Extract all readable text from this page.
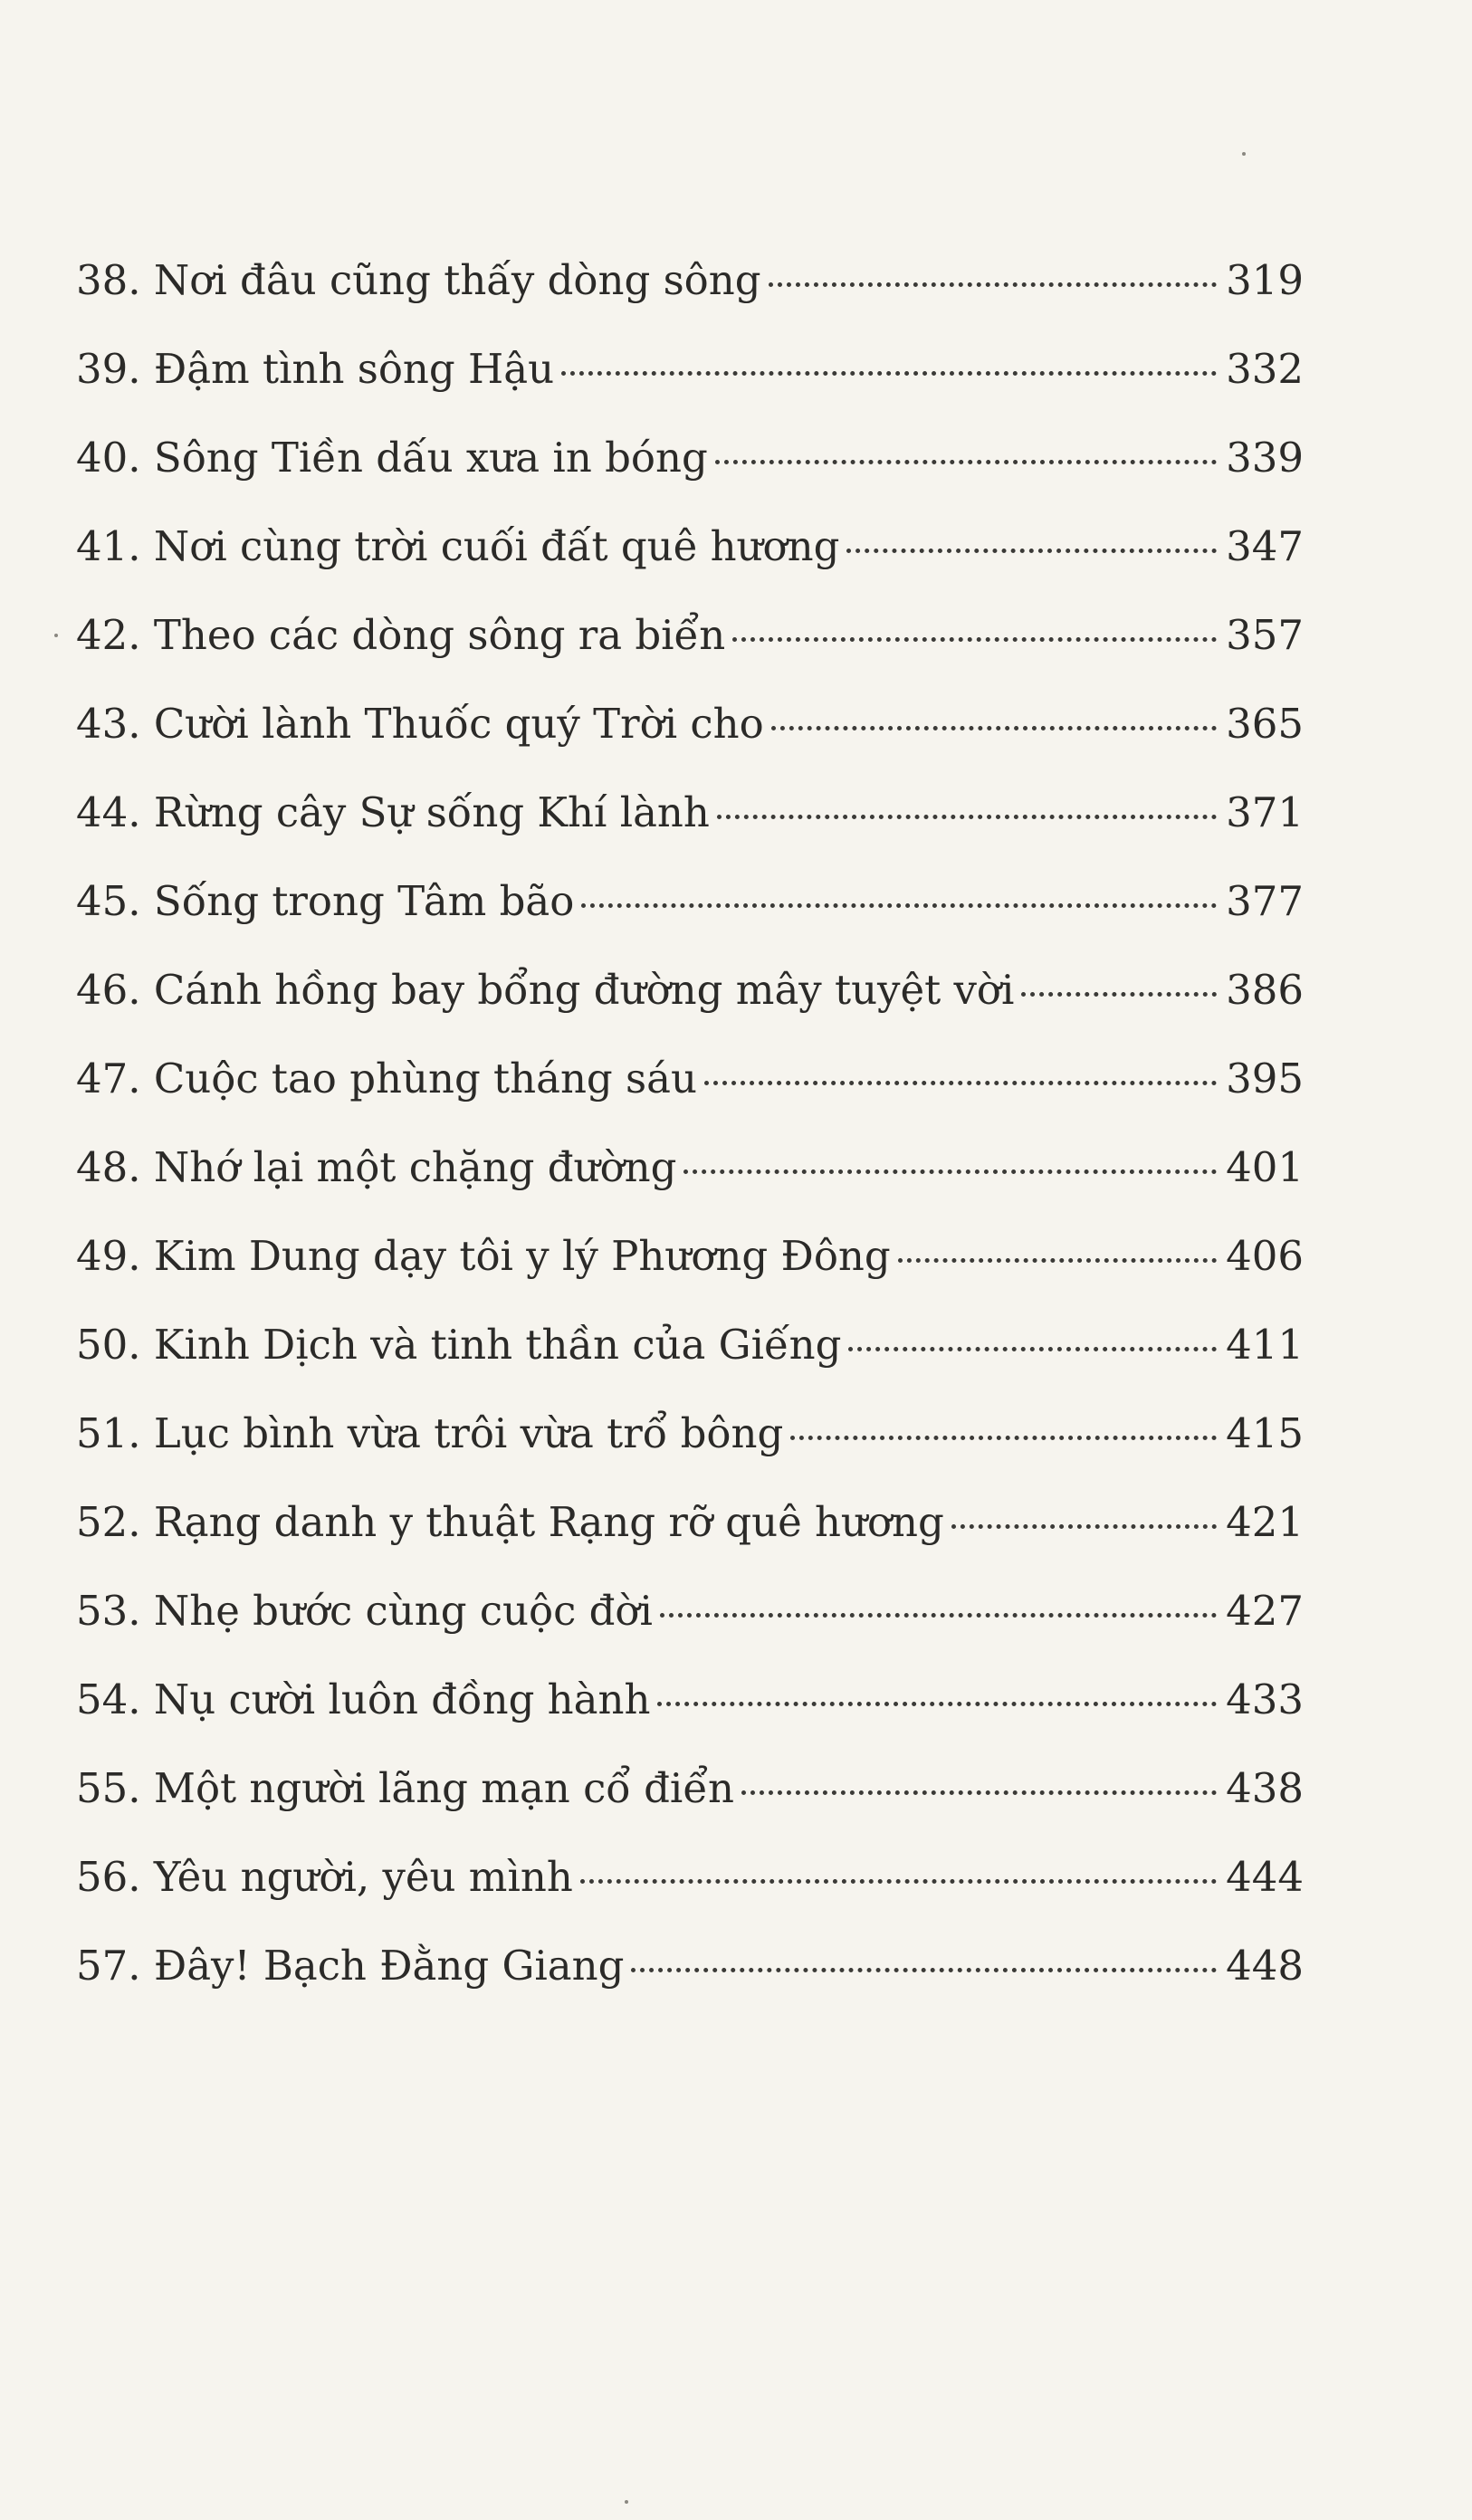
38. Nơi đâu cũng thấy dòng sông	319
39. Đậm tình sông Hậu	332
40. Sông Tiền dấu xưa in bóng	339
41. Nơi cùng trời cuối đất quê hương	347
42. Theo các dòng sông ra biển	357
43. Cười lành Thuốc quý Trời cho	365
44. Rừng cây Sự sống Khí lành	371
45. Sống trong Tâm bão	377
46. Cánh hồng bay bổng đường mây tuyệt vời	386
47. Cuộc tao phùng tháng sáu	395
48. Nhớ lại một chặng đường	401
49. Kim Dung dạy tôi y lý Phương Đông	406
50. Kinh Dịch và tinh thần của Giếng	411
51. Lục bình vừa trôi vừa trổ bông	415
52. Rạng danh y thuật Rạng rỡ quê hương	421
53. Nhẹ bước cùng cuộc đời	427
54. Nụ cười luôn đồng hành	433
55. Một người lãng mạn cổ điển	438
56. Yêu người, yêu mình	444
57. Đây! Bạch Đằng Giang	448
